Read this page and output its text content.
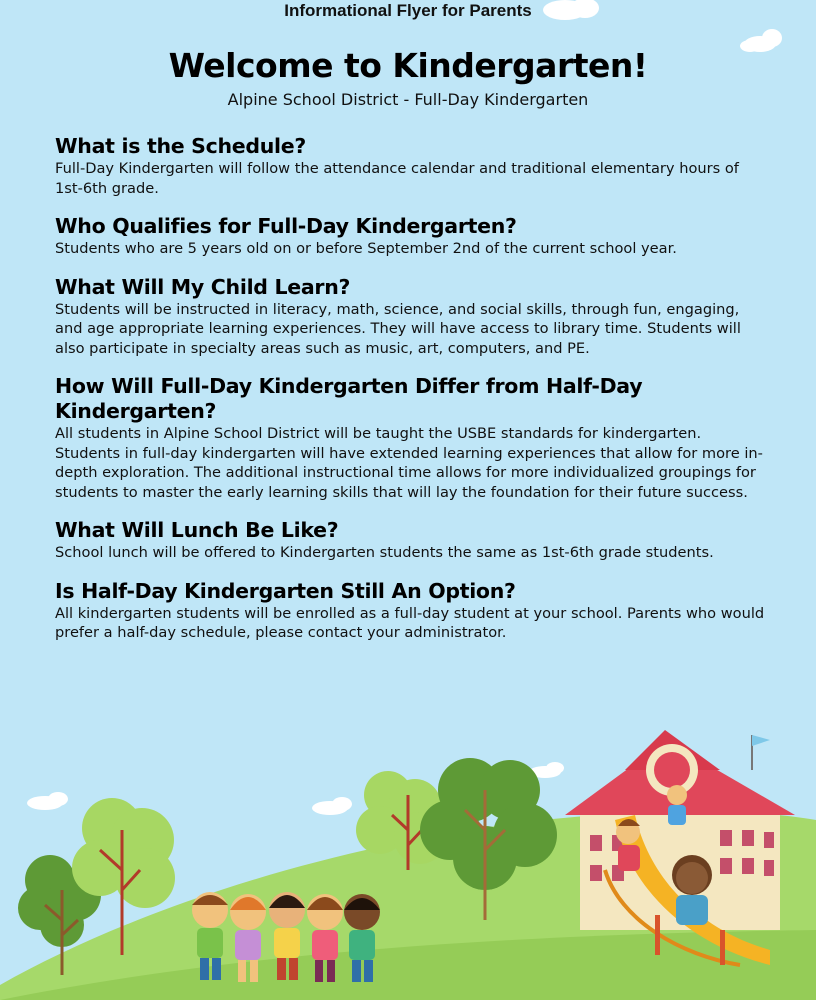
Informational Flyer for Parents
Welcome to Kindergarten!
Alpine School District - Full-Day Kindergarten
What is the Schedule?
Full-Day Kindergarten will follow the attendance calendar and traditional elementary hours of 1st-6th grade.
Who Qualifies for Full-Day Kindergarten?
Students who are 5 years old on or before September 2nd of the current school year.
What Will My Child Learn?
Students will be instructed in literacy, math, science, and social skills, through fun, engaging, and age appropriate learning experiences. They will have access to library time. Students will also participate in specialty areas such as music, art, computers, and PE.
How Will Full-Day Kindergarten Differ from Half-Day Kindergarten?
All students in Alpine School District will be taught the USBE standards for kindergarten. Students in full-day kindergarten will have extended learning experiences that allow for more in-depth exploration. The additional instructional time allows for more individualized groupings for students to master the early learning skills that will lay the foundation for their future success.
What Will Lunch Be Like?
School lunch will be offered to Kindergarten students the same as 1st-6th grade students.
Is Half-Day Kindergarten Still An Option?
All kindergarten students will be enrolled as a full-day student at your school. Parents who would prefer a half-day schedule, please contact your administrator.
